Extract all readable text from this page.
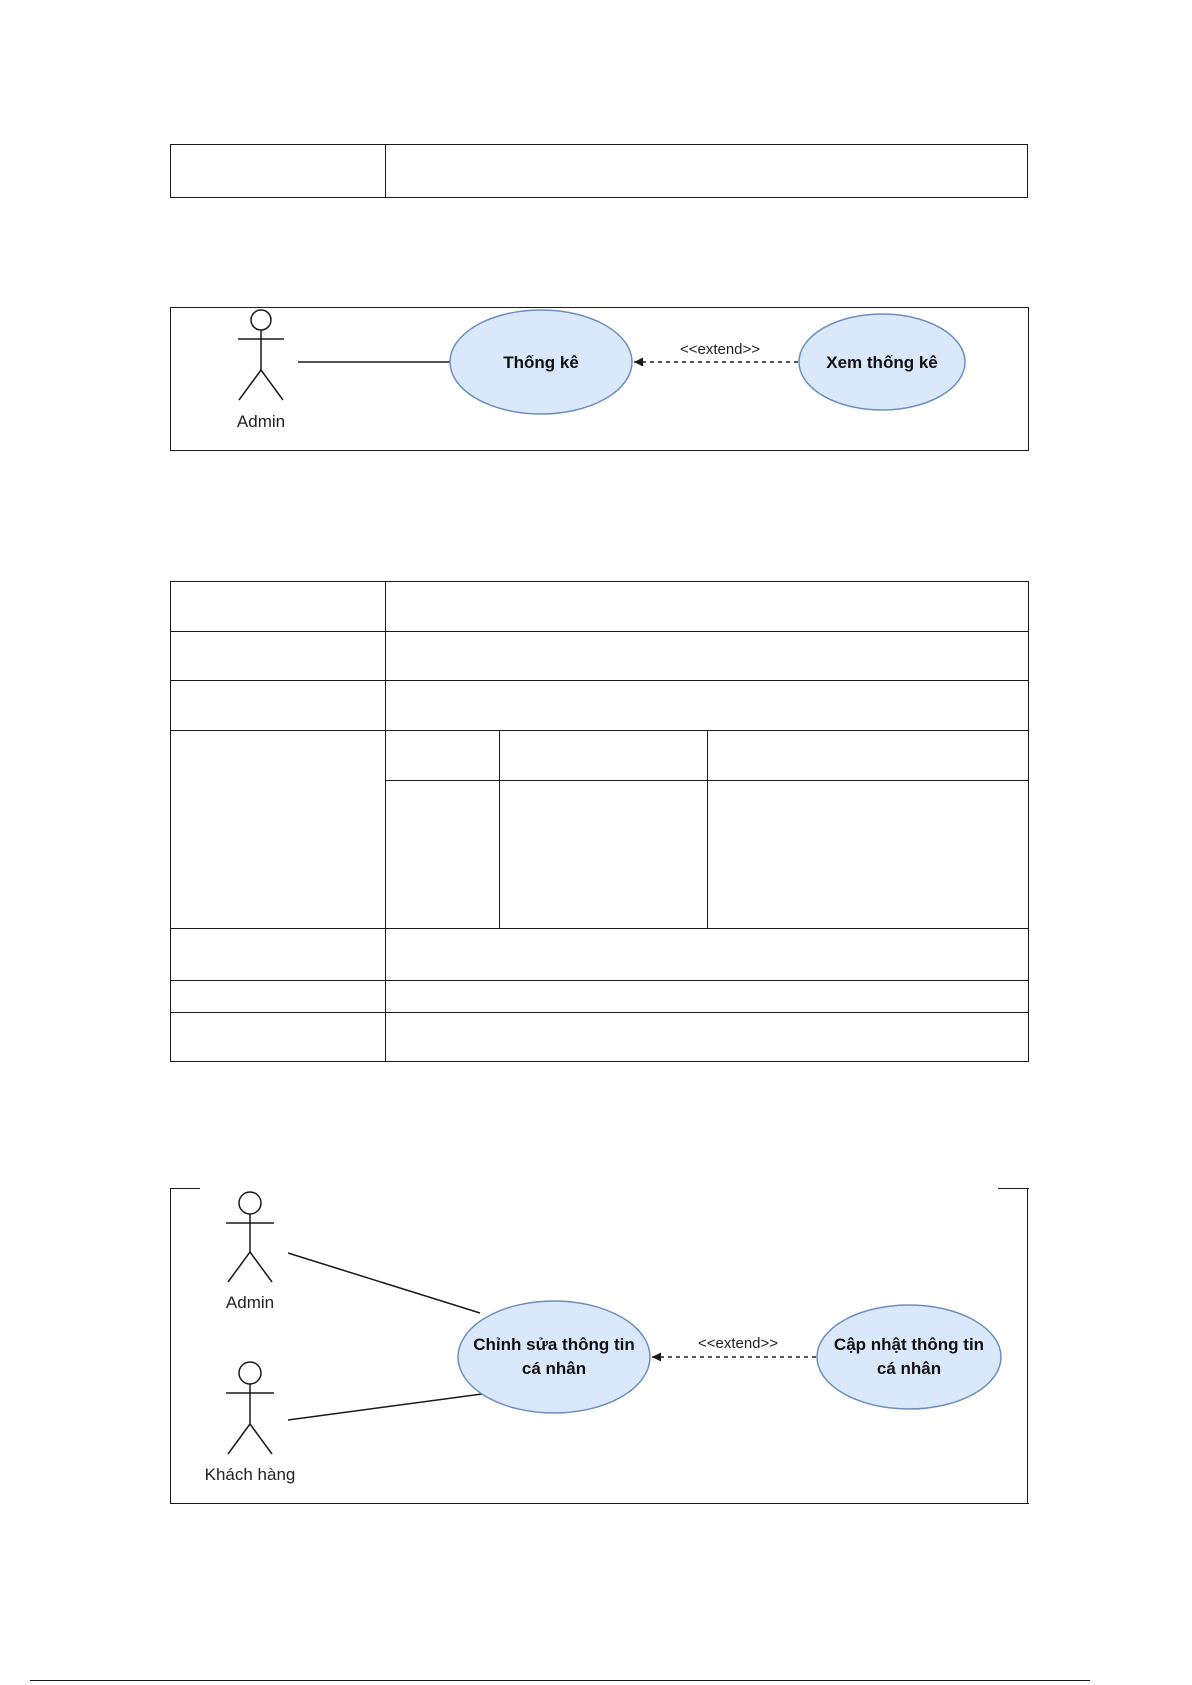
Admin
Thống kê	Xem thống kê
<<extend>>
Admin
Khách hàng
Chỉnh sửa thông tin
cá nhân
Cập nhật thông tin
cá nhân
<<extend>>
